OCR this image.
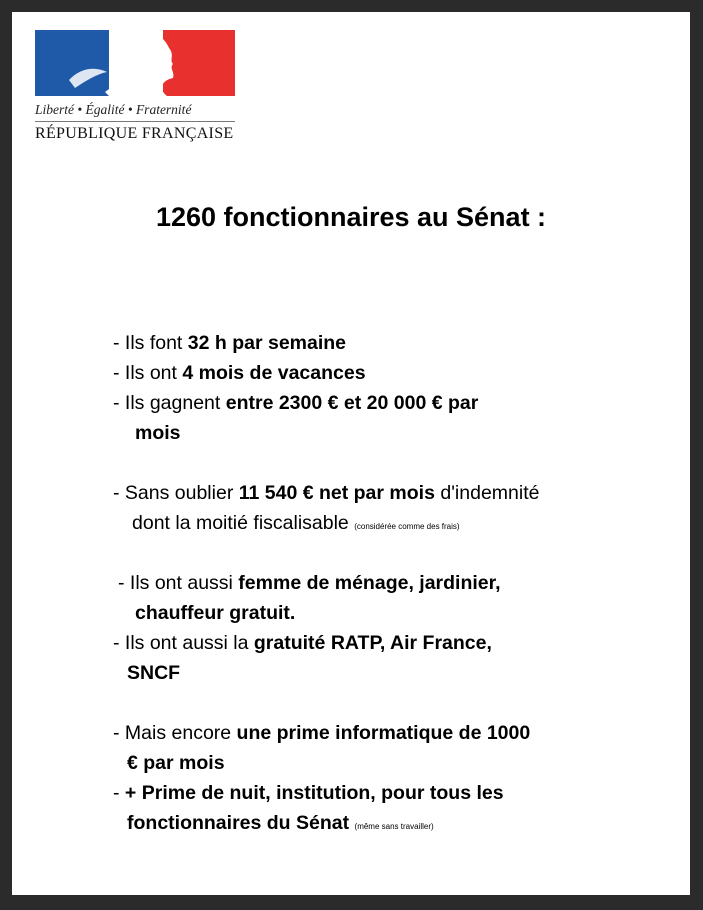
Liberté • Égalité • Fraternité
RÉPUBLIQUE FRANÇAISE
1260 fonctionnaires au Sénat :
- Ils font 32 h par semaine
- Ils ont 4 mois de vacances
- Ils gagnent entre 2300 € et 20 000 € par
mois
- Sans oublier 11 540 € net par mois d'indemnité
dont la moitié fiscalisable (considérée comme des frais)
- Ils ont aussi femme de ménage, jardinier,
chauffeur gratuit.
- Ils ont aussi la gratuité RATP, Air France,
SNCF
- Mais encore une prime informatique de 1000
€ par mois
- + Prime de nuit, institution, pour tous les
fonctionnaires du Sénat (même sans travailler)
